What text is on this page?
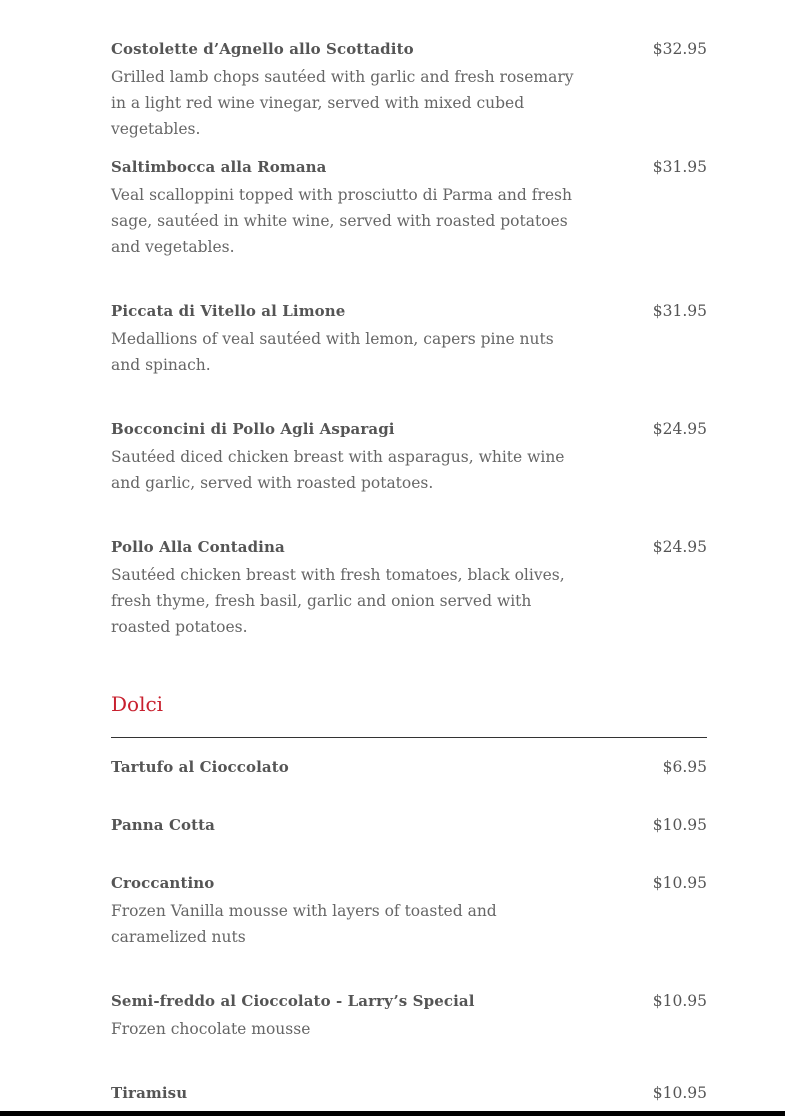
Costolette d’Agnello allo Scottadito	$32.95
Grilled lamb chops sautéed with garlic and fresh rosemary in a light red wine vinegar, served with mixed cubed vegetables.
Saltimbocca alla Romana	$31.95
Veal scalloppini topped with prosciutto di Parma and fresh sage, sautéed in white wine, served with roasted potatoes and vegetables.
Piccata di Vitello al Limone	$31.95
Medallions of veal sautéed with lemon, capers pine nuts and spinach.
Bocconcini di Pollo Agli Asparagi	$24.95
Sautéed diced chicken breast with asparagus, white wine and garlic, served with roasted potatoes.
Pollo Alla Contadina	$24.95
Sautéed chicken breast with fresh tomatoes, black olives, fresh thyme, fresh basil, garlic and onion served with roasted potatoes.
Dolci
Tartufo al Cioccolato	$6.95
Panna Cotta	$10.95
Croccantino	$10.95
Frozen Vanilla mousse with layers of toasted and caramelized nuts
Semi-freddo al Cioccolato - Larry’s Special	$10.95
Frozen chocolate mousse
Tiramisu	$10.95
